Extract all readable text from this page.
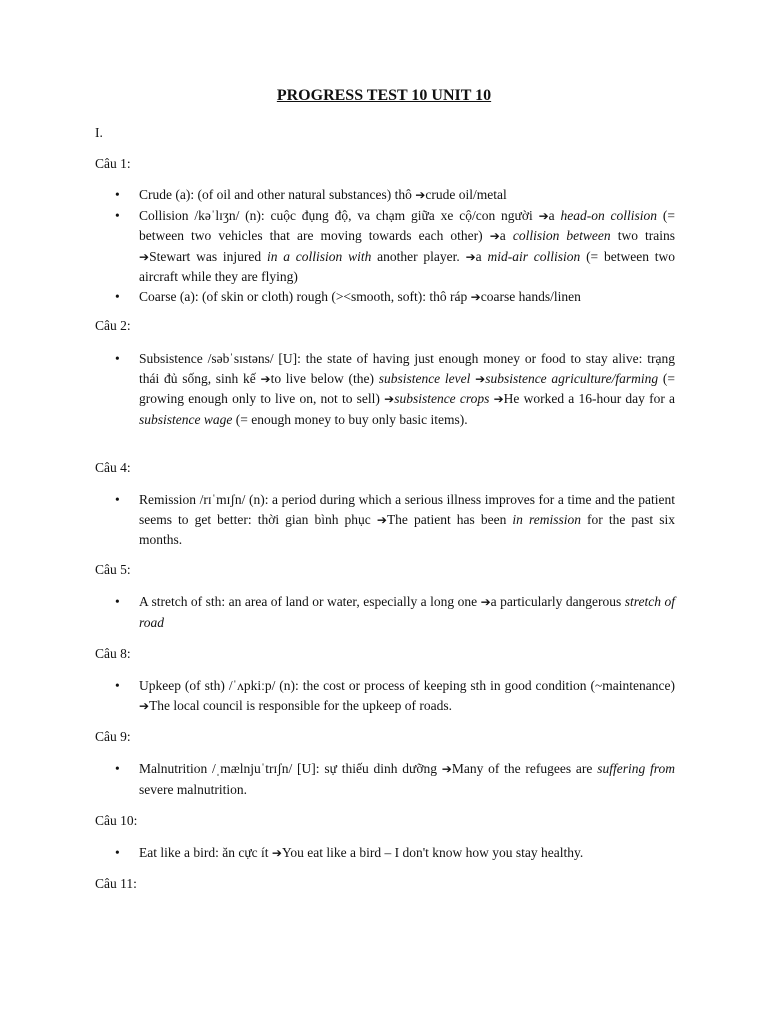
PROGRESS TEST 10 UNIT 10

I.

Câu 1:

• Crude (a): (of oil and other natural substances) thô ➔crude oil/metal
• Collision /kəˈlɪʒn/ (n): cuộc đụng độ, va chạm giữa xe cộ/con người ➔a head-on collision (= between two vehicles that are moving towards each other) ➔a collision between two trains ➔Stewart was injured in a collision with another player. ➔a mid-air collision (= between two aircraft while they are flying)
• Coarse (a): (of skin or cloth) rough (><smooth, soft): thô ráp ➔coarse hands/linen

Câu 2:

• Subsistence /səbˈsɪstəns/ [U]: the state of having just enough money or food to stay alive: trạng thái đủ sống, sinh kế ➔to live below (the) subsistence level ➔subsistence agriculture/farming (= growing enough only to live on, not to sell) ➔subsistence crops ➔He worked a 16-hour day for a subsistence wage (= enough money to buy only basic items).

Câu 4:

• Remission /rɪˈmɪʃn/ (n): a period during which a serious illness improves for a time and the patient seems to get better: thời gian bình phục ➔The patient has been in remission for the past six months.

Câu 5:

• A stretch of sth: an area of land or water, especially a long one ➔a particularly dangerous stretch of road

Câu 8:

• Upkeep (of sth) /ˈʌpkiːp/ (n): the cost or process of keeping sth in good condition (~maintenance) ➔The local council is responsible for the upkeep of roads.

Câu 9:

• Malnutrition /ˌmælnjuˈtrɪʃn/ [U]: sự thiếu dinh dưỡng ➔Many of the refugees are suffering from severe malnutrition.

Câu 10:

• Eat like a bird: ăn cực ít ➔You eat like a bird – I don't know how you stay healthy.

Câu 11:
